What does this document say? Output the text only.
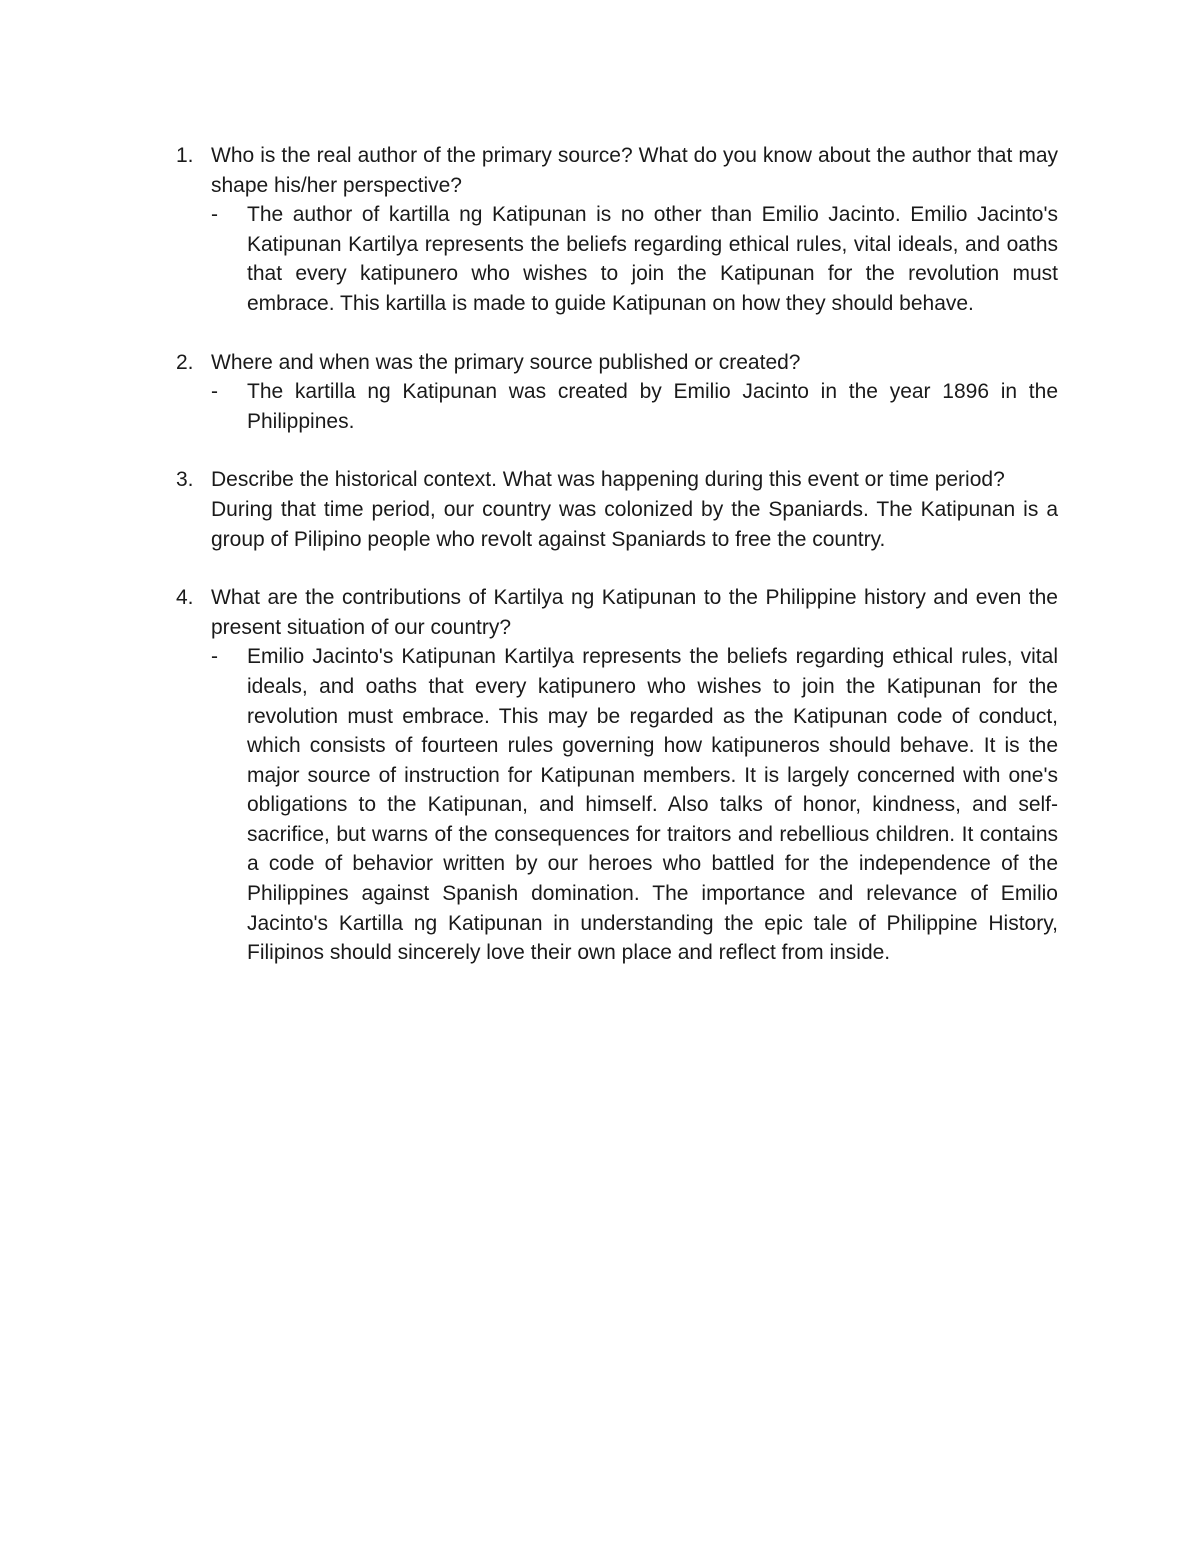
1. Who is the real author of the primary source? What do you know about the author that may shape his/her perspective?

- The author of kartilla ng Katipunan is no other than Emilio Jacinto. Emilio Jacinto's Katipunan Kartilya represents the beliefs regarding ethical rules, vital ideals, and oaths that every katipunero who wishes to join the Katipunan for the revolution must embrace. This kartilla is made to guide Katipunan on how they should behave.

2. Where and when was the primary source published or created?

- The kartilla ng Katipunan was created by Emilio Jacinto in the year 1896 in the Philippines.

3. Describe the historical context. What was happening during this event or time period?

During that time period, our country was colonized by the Spaniards. The Katipunan is a group of Pilipino people who revolt against Spaniards to free the country.

4. What are the contributions of Kartilya ng Katipunan to the Philippine history and even the present situation of our country?

- Emilio Jacinto's Katipunan Kartilya represents the beliefs regarding ethical rules, vital ideals, and oaths that every katipunero who wishes to join the Katipunan for the revolution must embrace. This may be regarded as the Katipunan code of conduct, which consists of fourteen rules governing how katipuneros should behave. It is the major source of instruction for Katipunan members. It is largely concerned with one's obligations to the Katipunan, and himself. Also talks of honor, kindness, and self-sacrifice, but warns of the consequences for traitors and rebellious children. It contains a code of behavior written by our heroes who battled for the independence of the Philippines against Spanish domination. The importance and relevance of Emilio Jacinto's Kartilla ng Katipunan in understanding the epic tale of Philippine History, Filipinos should sincerely love their own place and reflect from inside.
